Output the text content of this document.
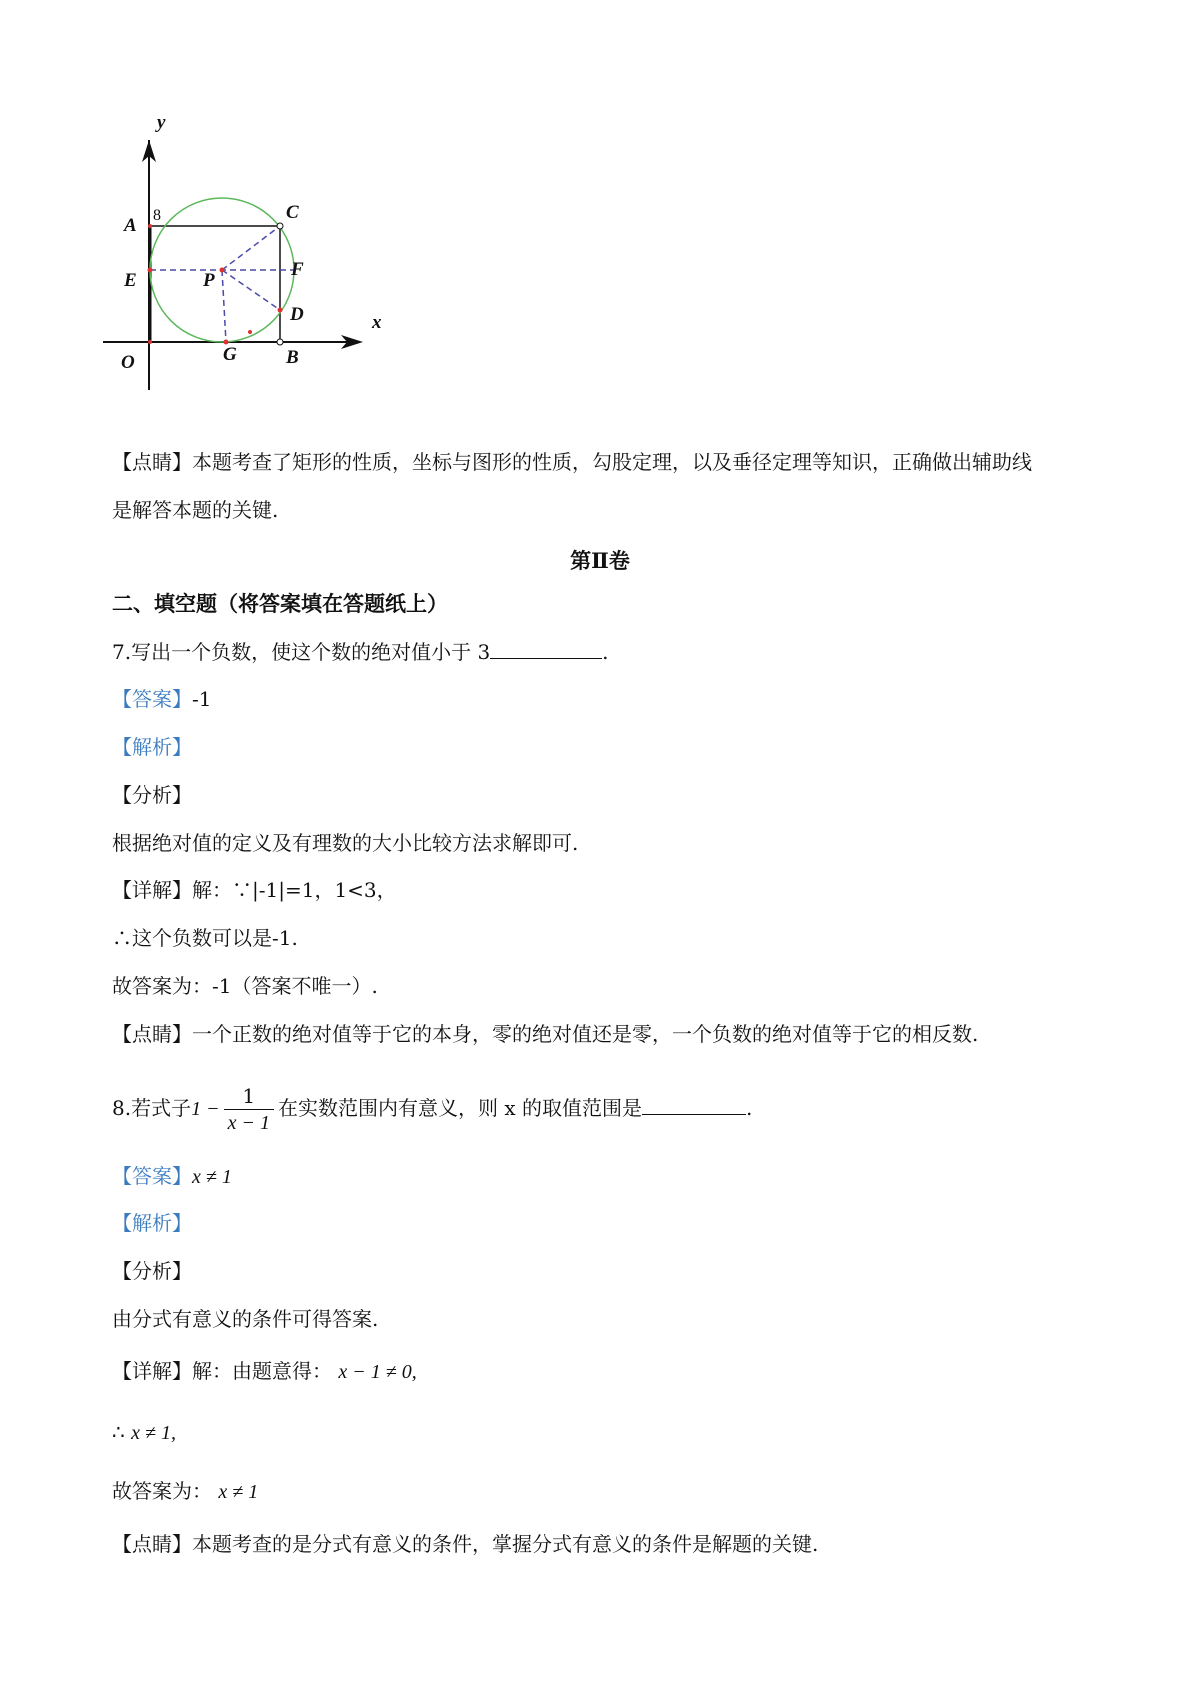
y
x
A
C
E	P
F
D
O	G	B
8
【点睛】本题考查了矩形的性质，坐标与图形的性质，勾股定理，以及垂径定理等知识，正确做出辅助线
是解答本题的关键.
第Ⅱ卷
二、填空题（将答案填在答题纸上）
7.写出一个负数，使这个数的绝对值小于 3	.
【答案】-1
【解析】
【分析】
根据绝对值的定义及有理数的大小比较方法求解即可.
【详解】解：∵|-1|=1，1<3，
∴这个负数可以是-1.
故答案为：-1（答案不唯一）.
【点睛】一个正数的绝对值等于它的本身，零的绝对值还是零，一个负数的绝对值等于它的相反数.
8.若式子$1 - \frac{1}{x - 1}$ 在实数范围内有意义，则 x 的取值范围是	.
【答案】x ≠ 1
【解析】
【分析】
由分式有意义的条件可得答案.
【详解】解：由题意得： x − 1 ≠ 0,
∴ x ≠ 1,
故答案为： x ≠ 1
【点睛】本题考查的是分式有意义的条件，掌握分式有意义的条件是解题的关键.
